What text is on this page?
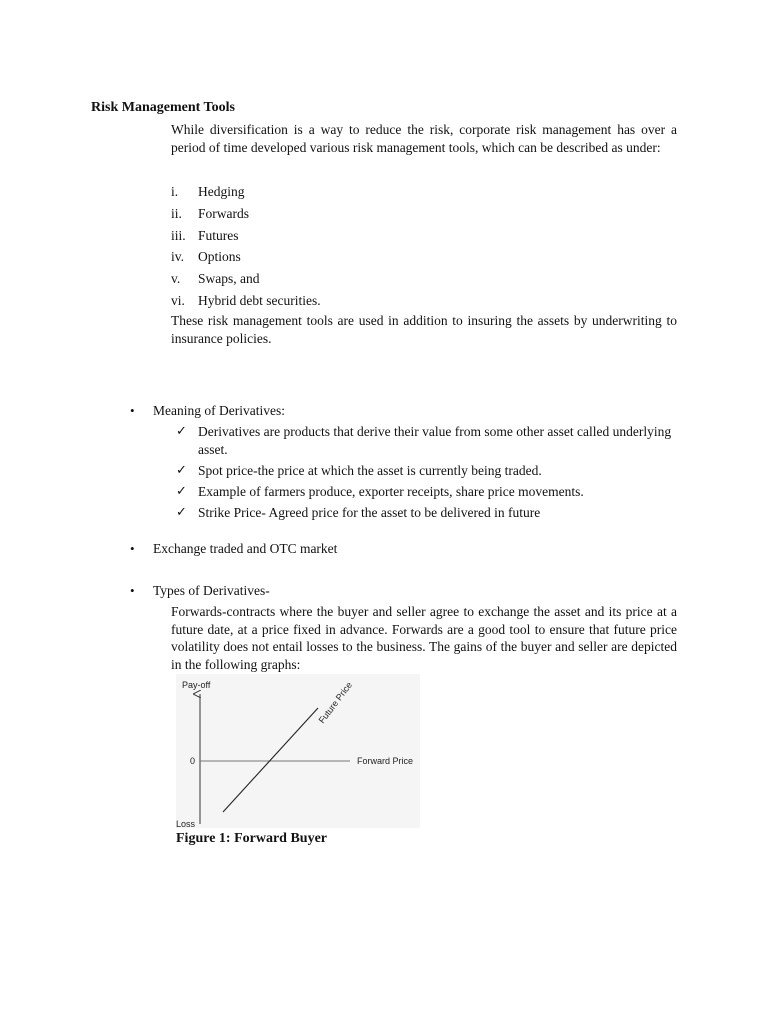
Risk Management Tools

While diversification is a way to reduce the risk, corporate risk management has over a period of time developed various risk management tools, which can be described as under:

i.	Hedging
ii.	Forwards
iii. Futures
iv.	Options
v.	Swaps, and
vi. Hybrid debt securities.

These risk management tools are used in addition to insuring the assets by underwriting to insurance policies.

• Meaning of Derivatives:
✓ Derivatives are products that derive their value from some other asset called underlying asset.
✓ Spot price-the price at which the asset is currently being traded.
✓ Example of farmers produce, exporter receipts, share price movements.
✓ Strike Price- Agreed price for the asset to be delivered in future
• Exchange traded and OTC market
• Types of Derivatives-

Forwards-contracts where the buyer and seller agree to exchange the asset and its price at a future date, at a price fixed in advance. Forwards are a good tool to ensure that future price volatility does not entail losses to the business. The gains of the buyer and seller are depicted in the following graphs:

Pay-off
Loss
0	Forward Price
Future Price

Figure 1: Forward Buyer
